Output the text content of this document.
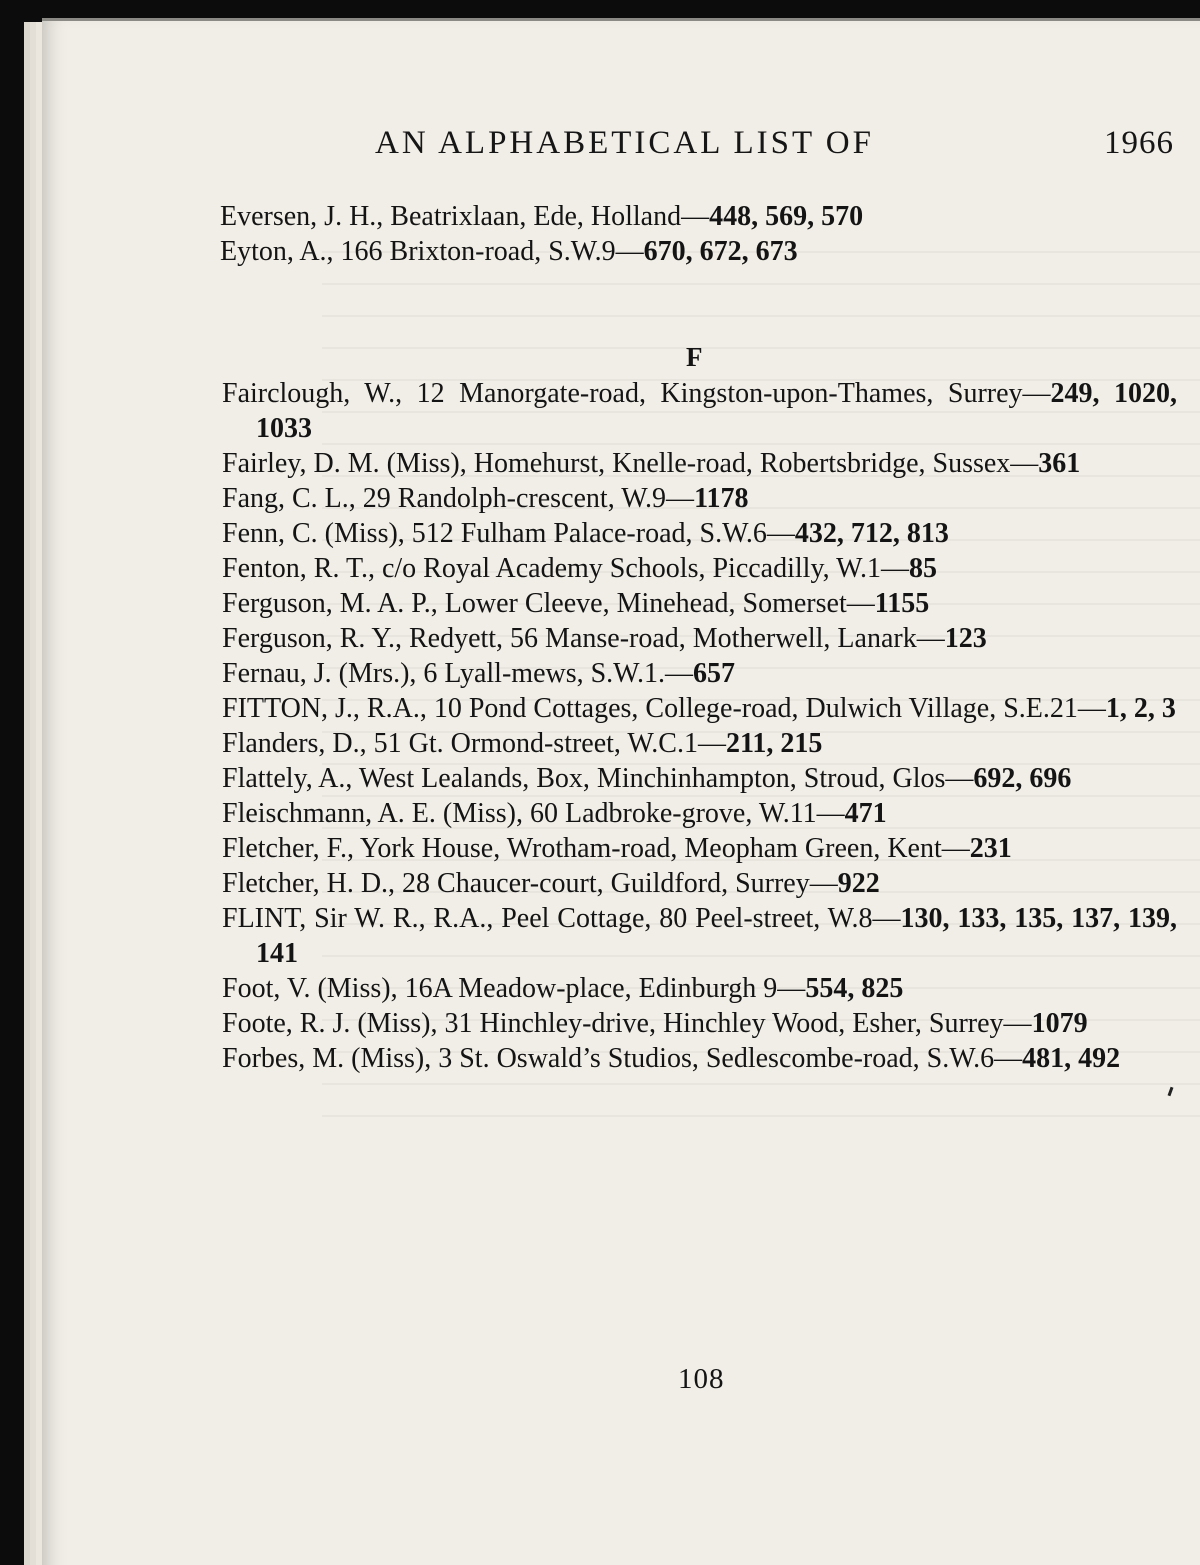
AN ALPHABETICAL LIST OF	1966
Eversen, J. H., Beatrixlaan, Ede, Holland—448, 569, 570
Eyton, A., 166 Brixton-road, S.W.9—670, 672, 673
F
Fairclough, W., 12 Manorgate-road, Kingston-upon-Thames, Surrey—249, 1020, 1033
Fairley, D. M. (Miss), Homehurst, Knelle-road, Robertsbridge, Sussex—361
Fang, C. L., 29 Randolph-crescent, W.9—1178
Fenn, C. (Miss), 512 Fulham Palace-road, S.W.6—432, 712, 813
Fenton, R. T., c/o Royal Academy Schools, Piccadilly, W.1—85
Ferguson, M. A. P., Lower Cleeve, Minehead, Somerset—1155
Ferguson, R. Y., Redyett, 56 Manse-road, Motherwell, Lanark—123
Fernau, J. (Mrs.), 6 Lyall-mews, S.W.1.—657
FITTON, J., R.A., 10 Pond Cottages, College-road, Dulwich Village, S.E.21—1, 2, 3
Flanders, D., 51 Gt. Ormond-street, W.C.1—211, 215
Flattely, A., West Lealands, Box, Minchinhampton, Stroud, Glos—692, 696
Fleischmann, A. E. (Miss), 60 Ladbroke-grove, W.11—471
Fletcher, F., York House, Wrotham-road, Meopham Green, Kent—231
Fletcher, H. D., 28 Chaucer-court, Guildford, Surrey—922
FLINT, Sir W. R., R.A., Peel Cottage, 80 Peel-street, W.8—130, 133, 135, 137, 139, 141
Foot, V. (Miss), 16A Meadow-place, Edinburgh 9—554, 825
Foote, R. J. (Miss), 31 Hinchley-drive, Hinchley Wood, Esher, Surrey—1079
Forbes, M. (Miss), 3 St. Oswald’s Studios, Sedlescombe-road, S.W.6—481, 492
108
